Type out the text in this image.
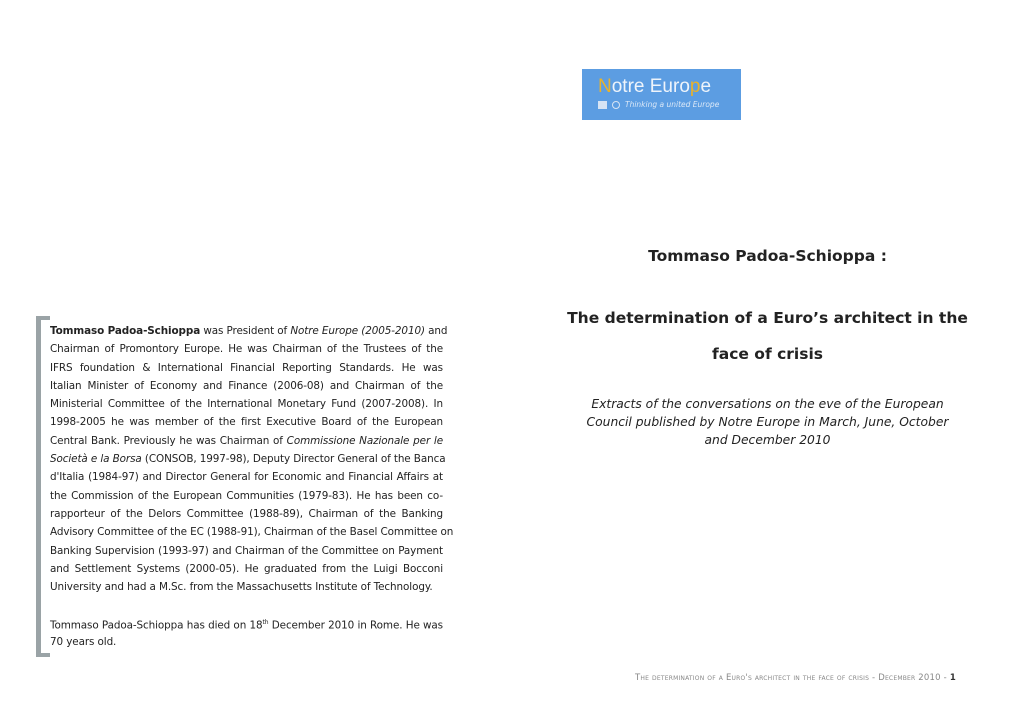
Notre Europe
Thinking a united Europe
Tommaso Padoa-Schioppa :
The determination of a Euro’s architect in the
face of crisis
Extracts of the conversations on the eve of the European
Council published by Notre Europe in March, June, October
and December 2010
Tommaso Padoa-Schioppa was President of Notre Europe (2005-2010) and
Chairman of Promontory Europe. He was Chairman of the Trustees of the
IFRS foundation & International Financial Reporting Standards. He was
Italian Minister of Economy and Finance (2006-08) and Chairman of the
Ministerial Committee of the International Monetary Fund (2007-2008). In
1998-2005 he was member of the first Executive Board of the European
Central Bank. Previously he was Chairman of Commissione Nazionale per le
Società e la Borsa (CONSOB, 1997-98), Deputy Director General of the Banca
d'Italia (1984-97) and Director General for Economic and Financial Affairs at
the Commission of the European Communities (1979-83). He has been co-
rapporteur of the Delors Committee (1988-89), Chairman of the Banking
Advisory Committee of the EC (1988-91), Chairman of the Basel Committee on
Banking Supervision (1993-97) and Chairman of the Committee on Payment
and Settlement Systems (2000-05). He graduated from the Luigi Bocconi
University and had a M.Sc. from the Massachusetts Institute of Technology.
Tommaso Padoa-Schioppa has died on 18th December 2010 in Rome. He was
70 years old.
The determination of a Euro's architect in the face of crisis - December 2010 - 1
